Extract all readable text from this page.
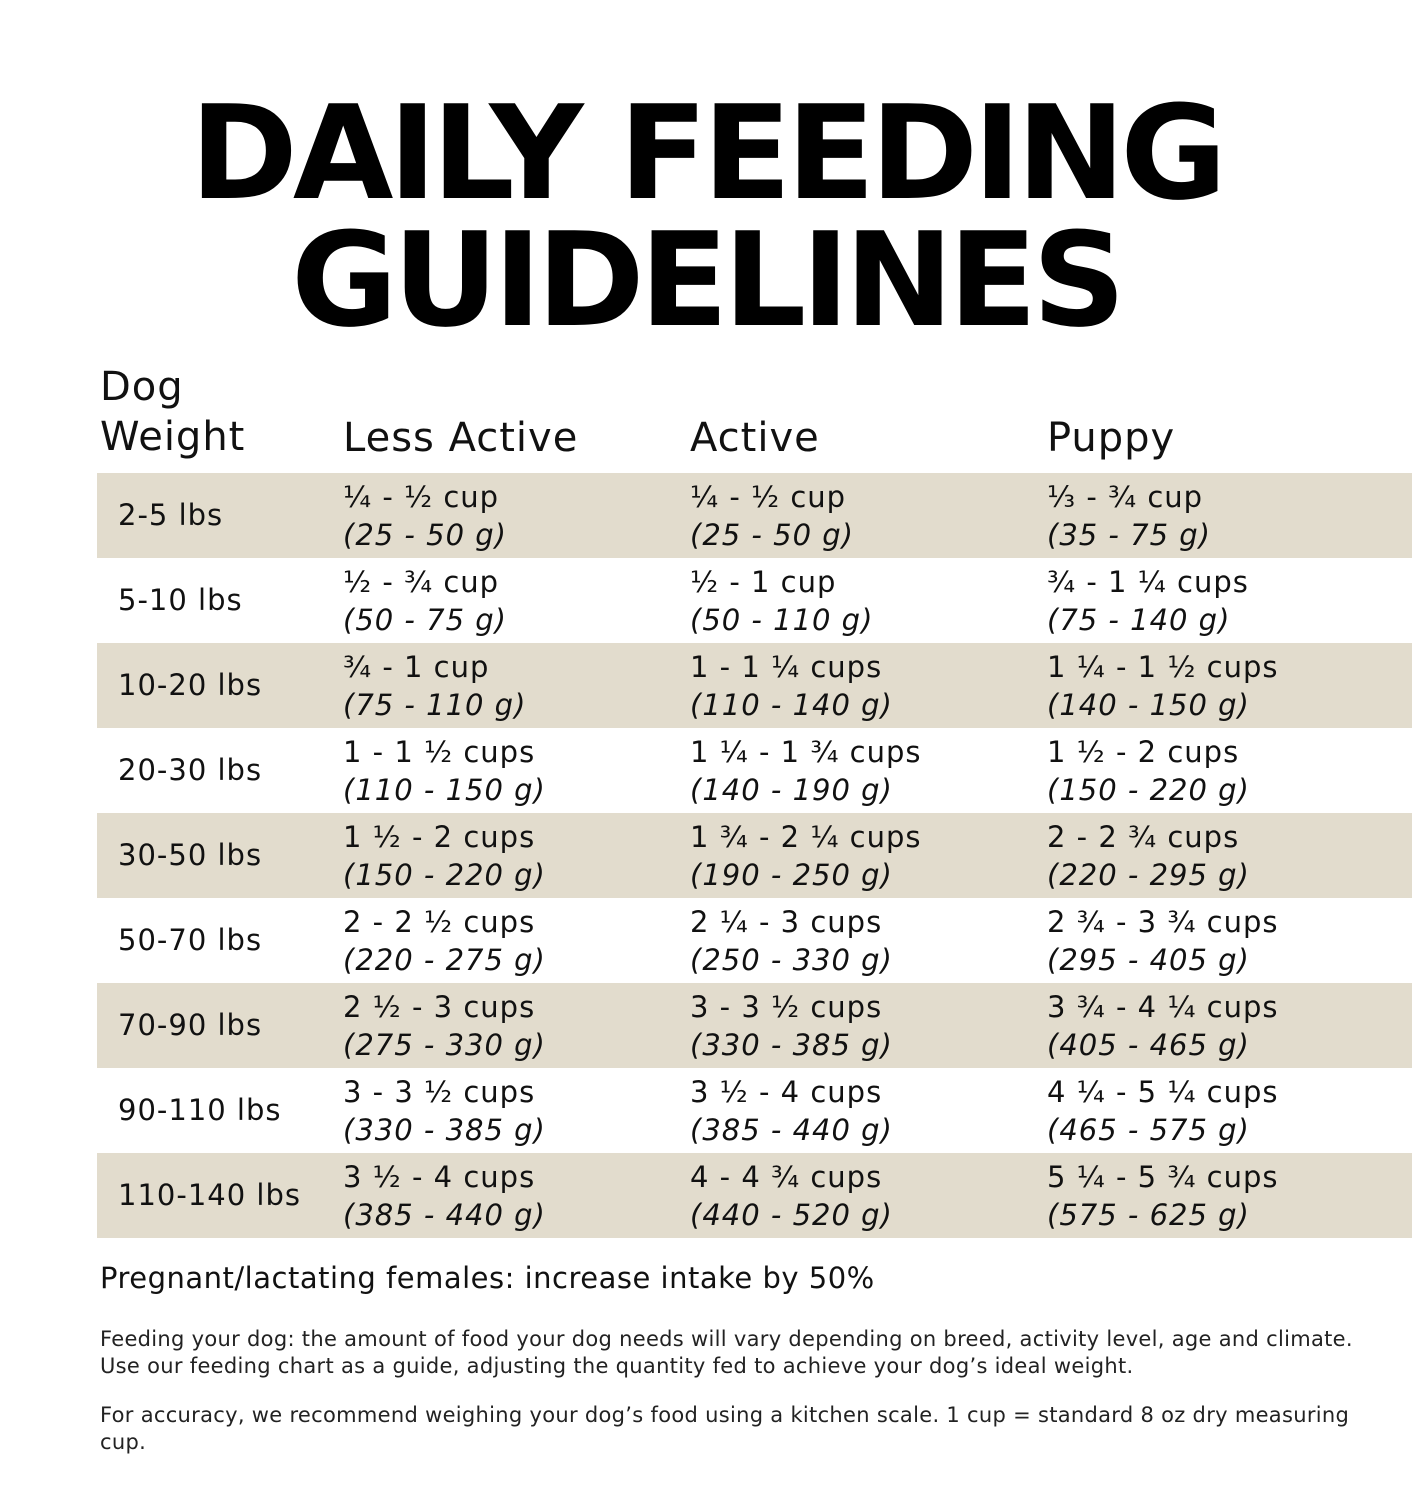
DAILY FEEDING
GUIDELINES
Dog
Weight Less Active	Active	Puppy
2-5 lbs
¼ - ½ cup
(25 - 50 g)
¼ - ½ cup
(25 - 50 g)
⅓ - ¾ cup
(35 - 75 g)
5-10 lbs
½ - ¾ cup
(50 - 75 g)
½ - 1 cup
(50 - 110 g)
¾ - 1 ¼ cups
(75 - 140 g)
10-20 lbs
¾ - 1 cup
(75 - 110 g)
1 - 1 ¼ cups
(110 - 140 g)
1 ¼ - 1 ½ cups
(140 - 150 g)
20-30 lbs
1 - 1 ½ cups
(110 - 150 g)
1 ¼ - 1 ¾ cups
(140 - 190 g)
1 ½ - 2 cups
(150 - 220 g)
30-50 lbs
1 ½ - 2 cups
(150 - 220 g)
1 ¾ - 2 ¼ cups
(190 - 250 g)
2 - 2 ¾ cups
(220 - 295 g)
50-70 lbs
2 - 2 ½ cups
(220 - 275 g)
2 ¼ - 3 cups
(250 - 330 g)
2 ¾ - 3 ¾ cups
(295 - 405 g)
70-90 lbs
2 ½ - 3 cups
(275 - 330 g)
3 - 3 ½ cups
(330 - 385 g)
3 ¾ - 4 ¼ cups
(405 - 465 g)
90-110 lbs
3 - 3 ½ cups
(330 - 385 g)
3 ½ - 4 cups
(385 - 440 g)
4 ¼ - 5 ¼ cups
(465 - 575 g)
110-140 lbs
3 ½ - 4 cups
(385 - 440 g)
4 - 4 ¾ cups
(440 - 520 g)
5 ¼ - 5 ¾ cups
(575 - 625 g)
Pregnant/lactating females: increase intake by 50%
Feeding your dog: the amount of food your dog needs will vary depending on breed, activity level, age and climate. Use our feeding chart as a guide, adjusting the quantity fed to achieve your dog’s ideal weight.
For accuracy, we recommend weighing your dog’s food using a kitchen scale. 1 cup = standard 8 oz dry measuring cup.
